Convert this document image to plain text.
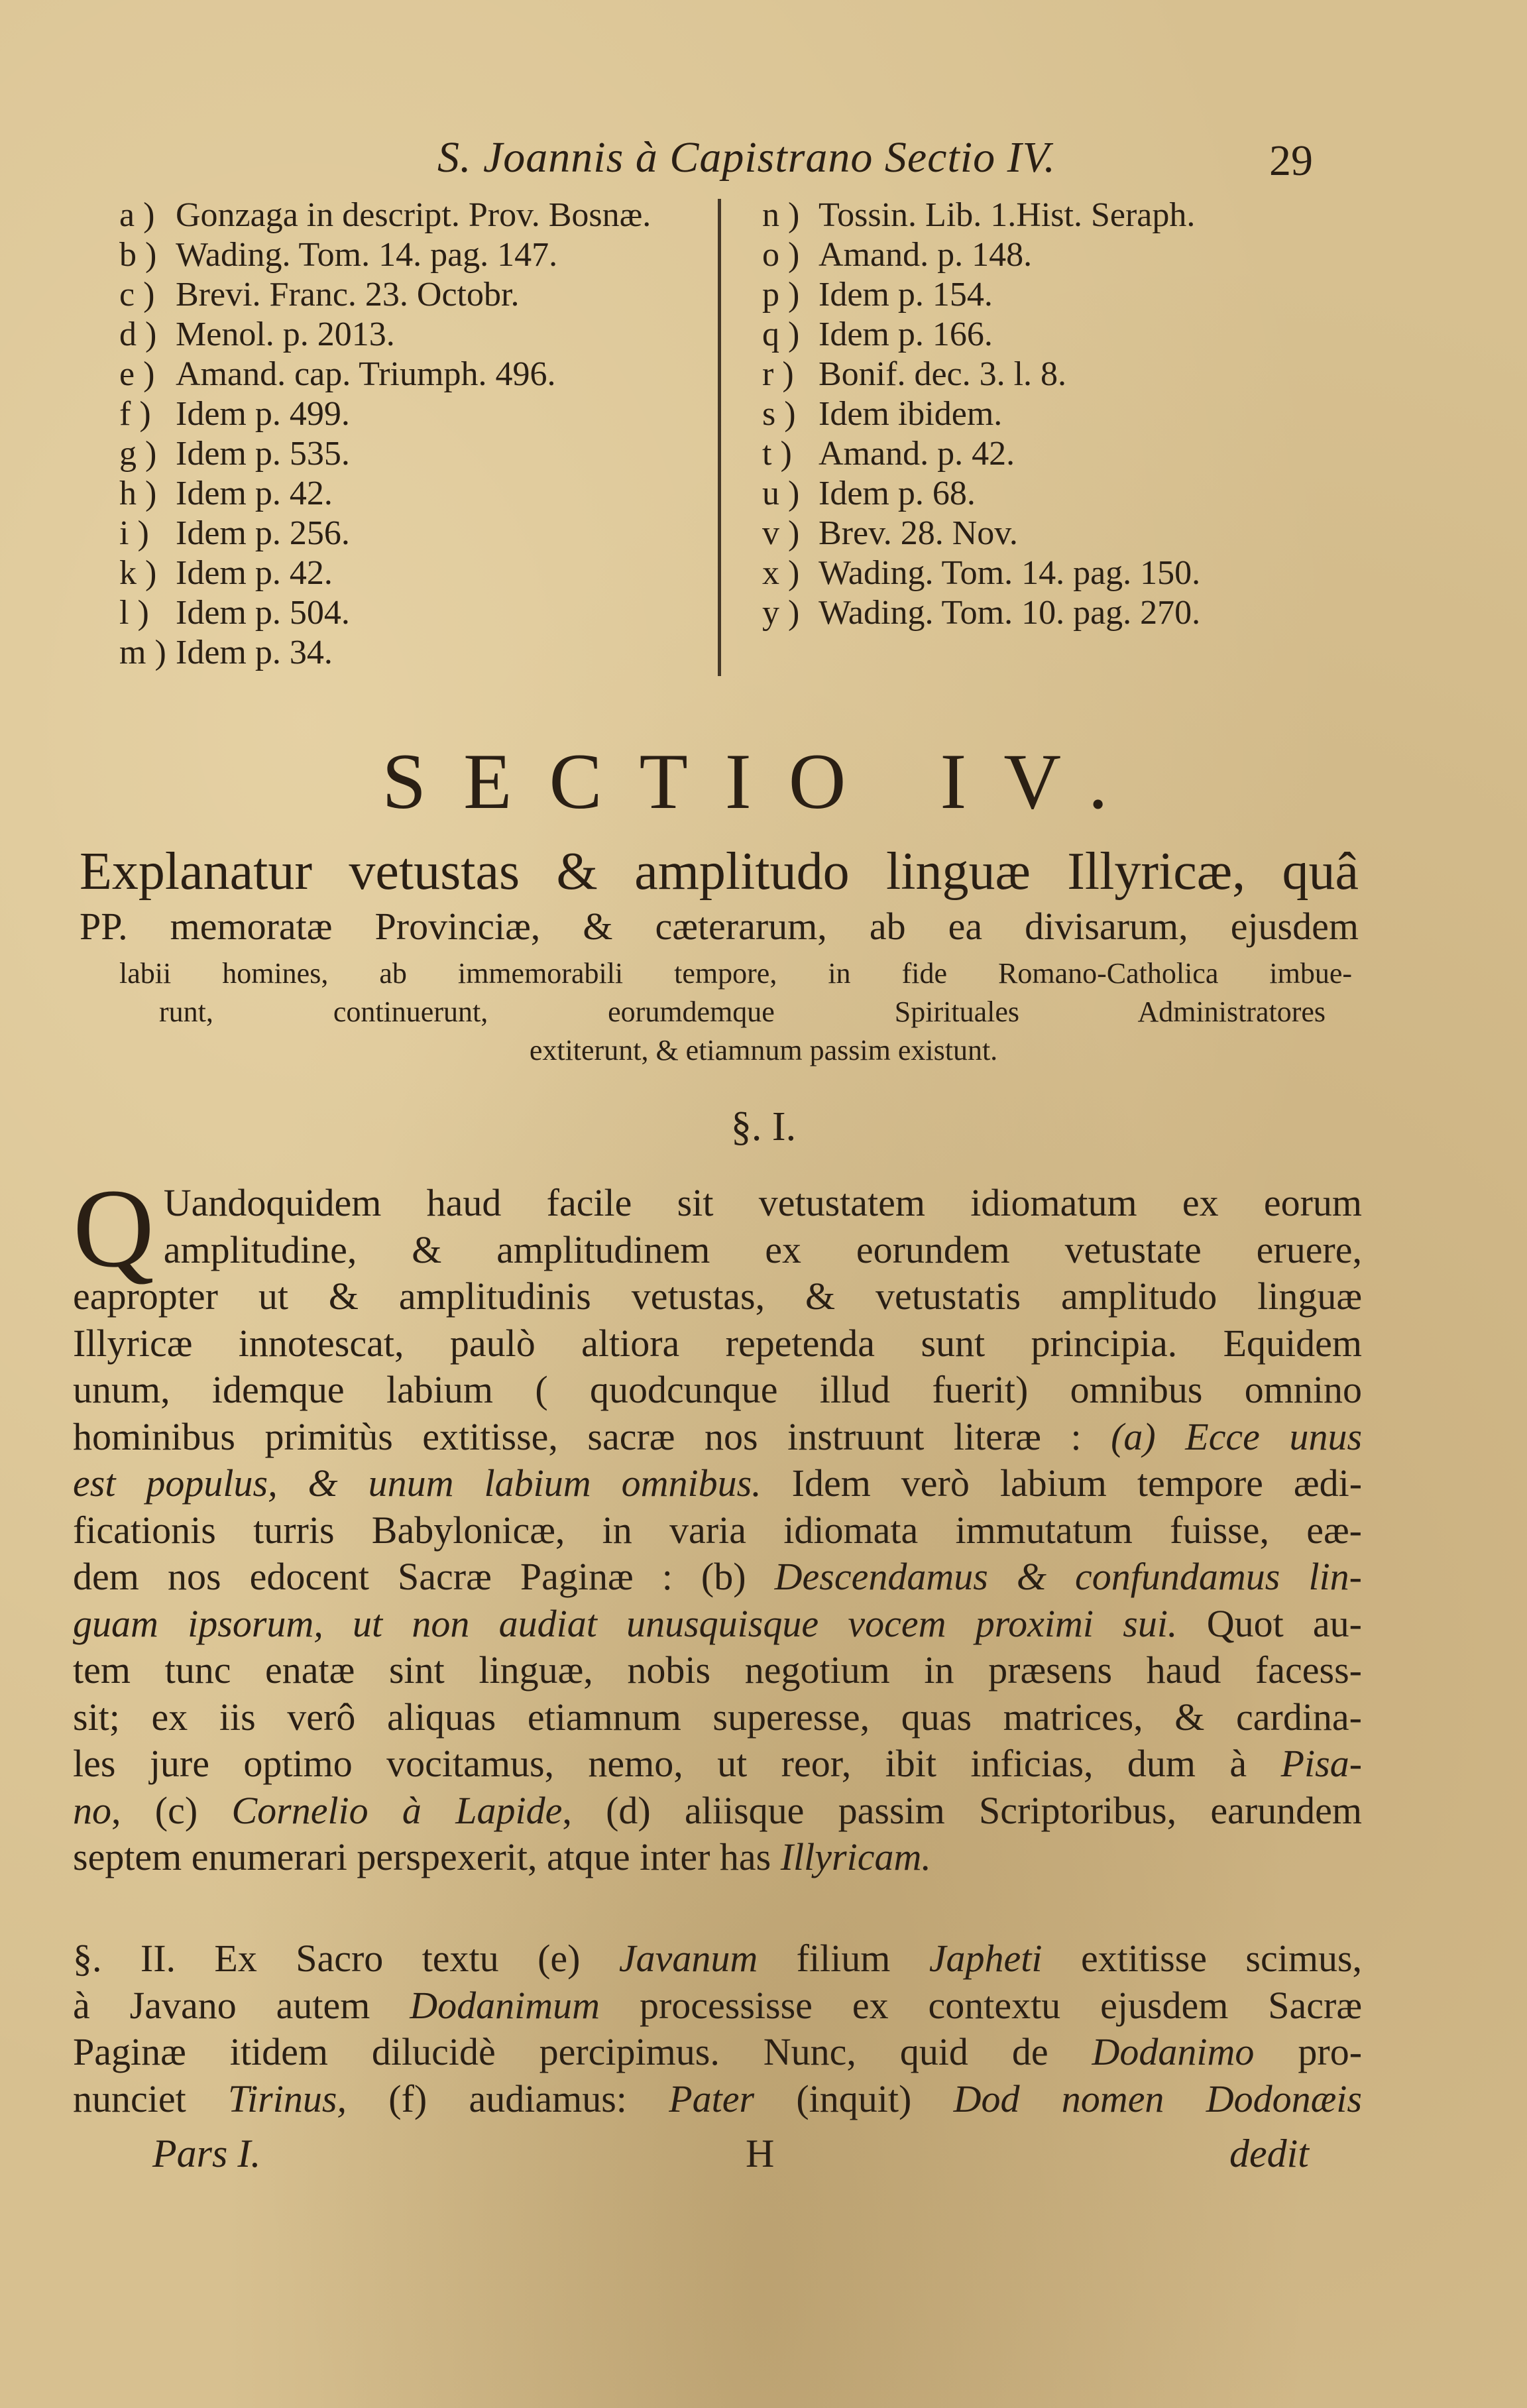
S. Joannis à Capistrano Sectio IV.	29
a ) Gonzaga in descript. Prov. Bosnæ.
b ) Wading. Tom. 14. pag. 147.
c ) Brevi. Franc. 23. Octobr.
d ) Menol. p. 2013.
e ) Amand. cap. Triumph. 496.
f ) Idem p. 499.
g ) Idem p. 535.
h ) Idem p. 42.
i ) Idem p. 256.
k ) Idem p. 42.
l ) Idem p. 504.
m ) Idem p. 34.
n ) Tossin. Lib. 1.Hist. Seraph.
o ) Amand. p. 148.
p ) Idem p. 154.
q ) Idem p. 166.
r ) Bonif. dec. 3. l. 8.
s ) Idem ibidem.
t ) Amand. p. 42.
u ) Idem p. 68.
v ) Brev. 28. Nov.
x ) Wading. Tom. 14. pag. 150.
y ) Wading. Tom. 10. pag. 270.
SECTIO IV.
Explanatur vetustas & amplitudo linguæ Illyricæ, quâ
PP. memoratæ Provinciæ, & cæterarum, ab ea divisarum, ejusdem
labii homines, ab immemorabili tempore, in fide Romano-Catholica imbue-
runt, continuerunt, eorumdemque Spirituales Administratores
extiterunt, & etiamnum passim existunt.
§. I.
Q Uandoquidem haud facile sit vetustatem idiomatum ex eorum
amplitudine, & amplitudinem ex eorundem vetustate eruere,
eapropter ut & amplitudinis vetustas, & vetustatis amplitudo linguæ
Illyricæ innotescat, paulò altiora repetenda sunt principia. Equidem
unum, idemque labium ( quodcunque illud fuerit) omnibus omnino
hominibus primitùs extitisse, sacræ nos instruunt literæ : (a) Ecce unus
est populus, & unum labium omnibus. Idem verò labium tempore ædi-
ficationis turris Babylonicæ, in varia idiomata immutatum fuisse, eæ-
dem nos edocent Sacræ Paginæ : (b) Descendamus & confundamus lin-
guam ipsorum, ut non audiat unusquisque vocem proximi sui. Quot au-
tem tunc enatæ sint linguæ, nobis negotium in præsens haud facess-
sit; ex iis verô aliquas etiamnum superesse, quas matrices, & cardina-
les jure optimo vocitamus, nemo, ut reor, ibit inficias, dum à Pisa-
no, (c) Cornelio à Lapide, (d) aliisque passim Scriptoribus, earundem
septem enumerari perspexerit, atque inter has Illyricam.
§. II. Ex Sacro textu (e) Javanum filium Japheti extitisse scimus,
à Javano autem Dodanimum processisse ex contextu ejusdem Sacræ
Paginæ itidem dilucidè percipimus. Nunc, quid de Dodanimo pro-
nunciet Tirinus, (f) audiamus: Pater (inquit) Dod nomen Dodonæis
Pars I.	H	dedit
